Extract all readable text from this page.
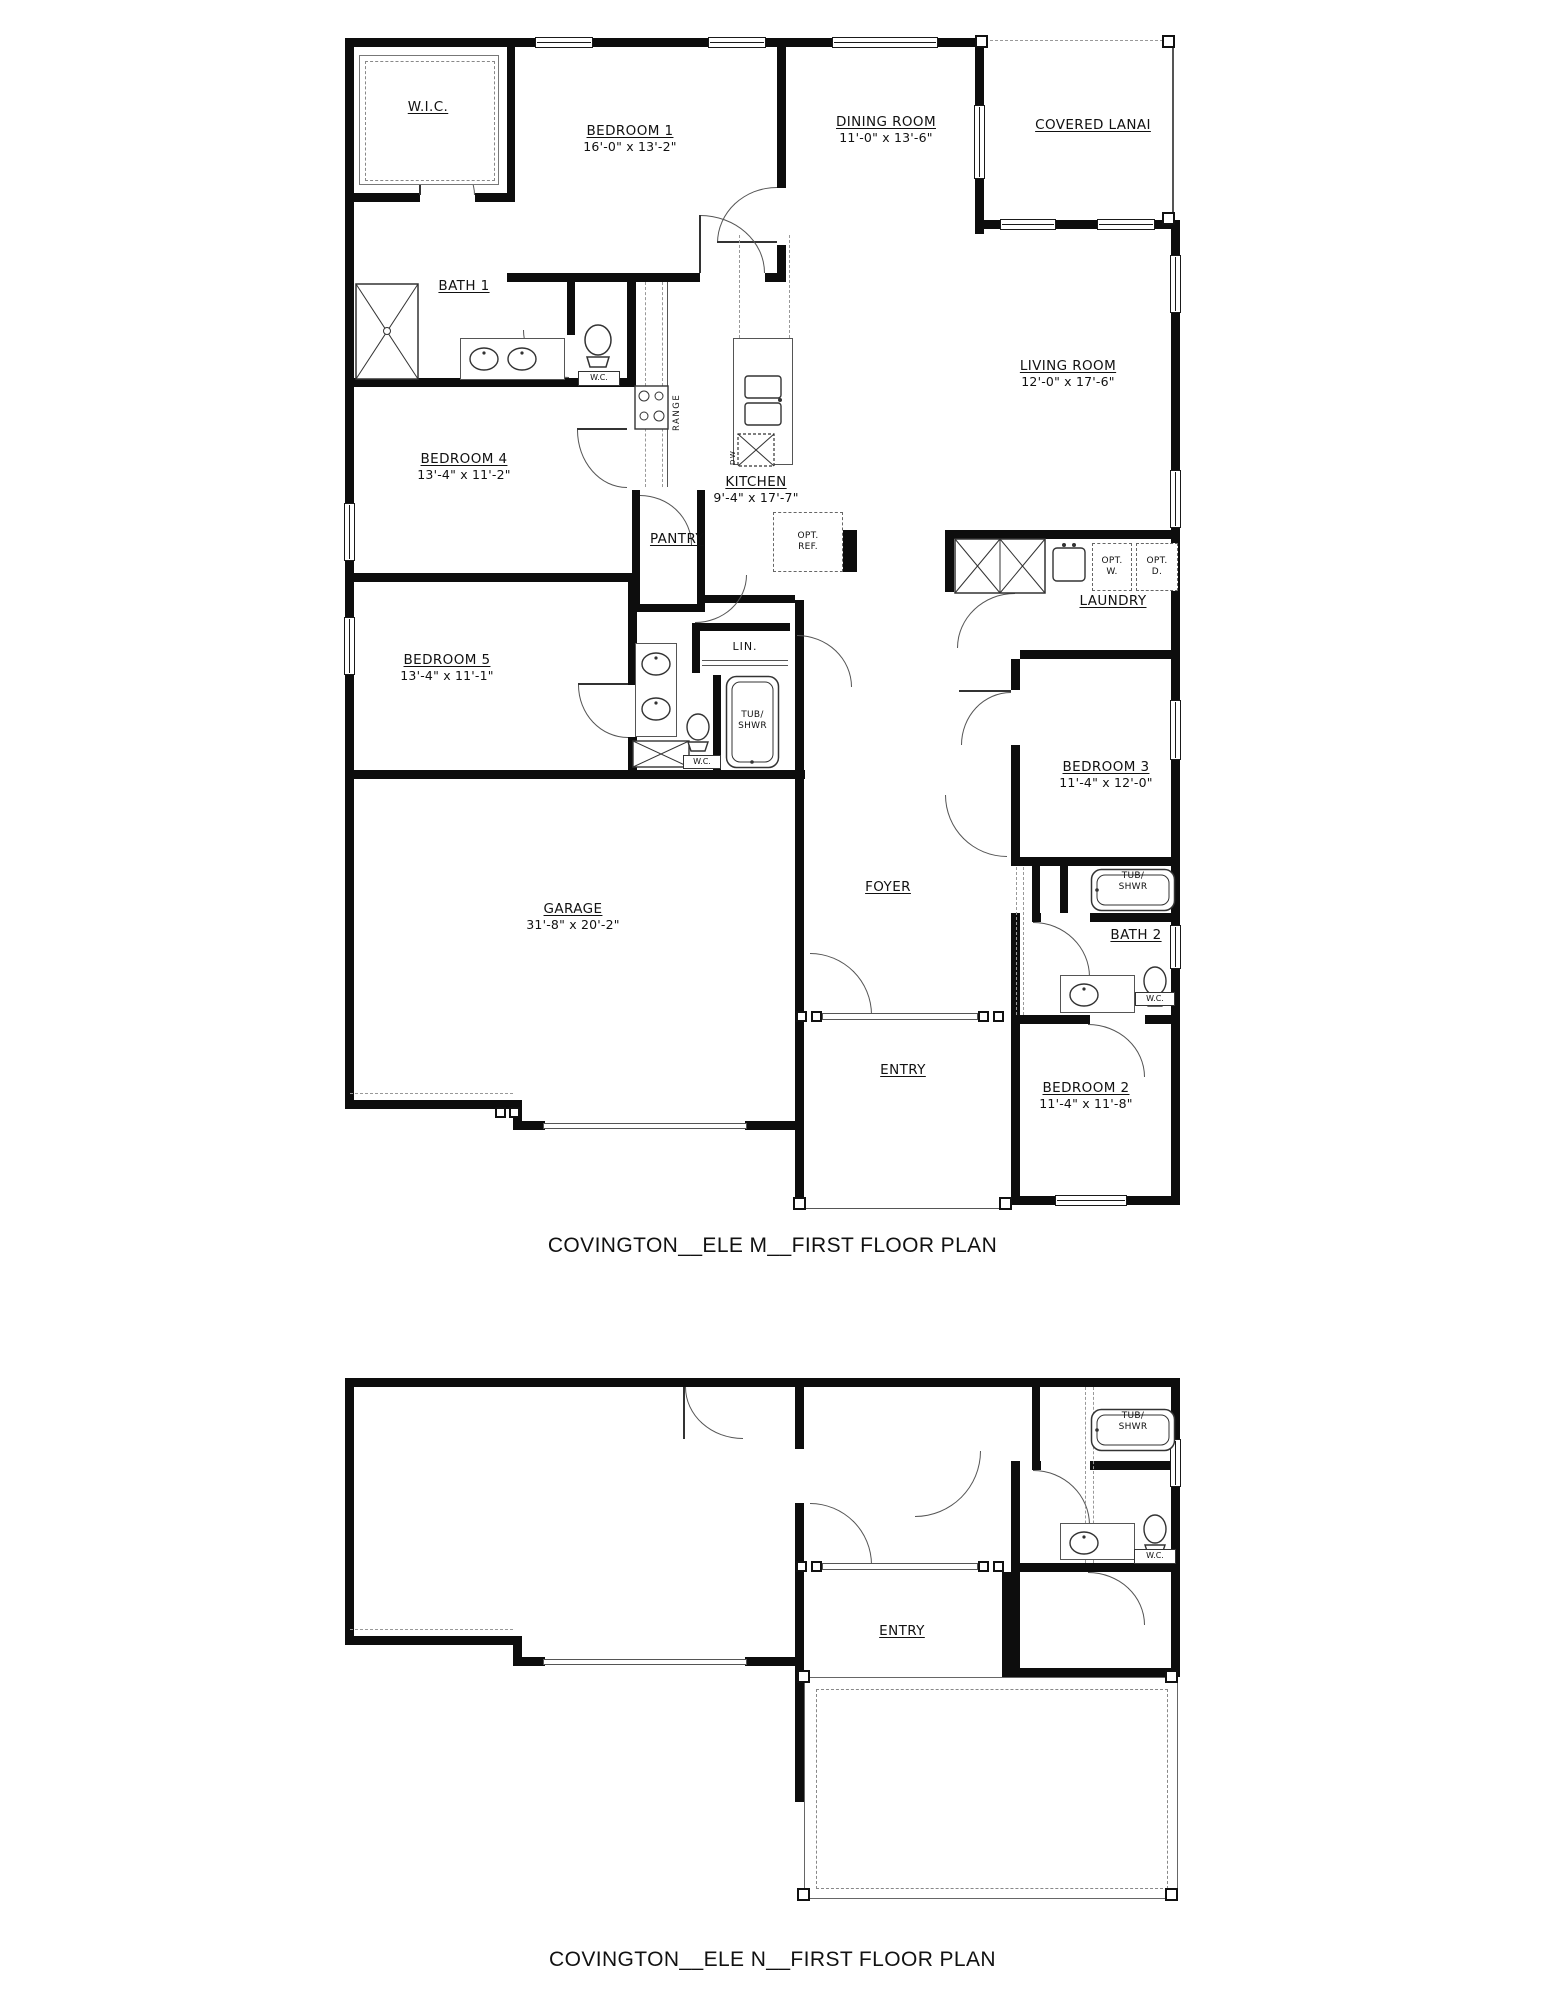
W.C.
RANGE
DW
OPT.
REF.
OPT.
W.
OPT.
D.
W.C.
LIN.
TUB/
SHWR
TUB/
SHWR
W.C.
W.I.C.
BEDROOM 1
16'-0" x 13'-2"
DINING ROOM
11'-0" x 13'-6"
COVERED LANAI
BATH 1
LIVING ROOM
12'-0" x 17'-6"
BEDROOM 4
13'-4" x 11'-2"	KITCHEN
9'-4" x 17'-7"
PANTRY
LAUNDRY
BEDROOM 5
13'-4" x 11'-1"
GARAGE
31'-8" x 20'-2"
FOYER
BEDROOM 3
11'-4" x 12'-0"
BATH 2
ENTRY
BEDROOM 2
11'-4" x 11'-8"
COVINGTON__ELE M__FIRST FLOOR PLAN
TUB/
SHWR
W.C.
ENTRY
COVINGTON__ELE N__FIRST FLOOR PLAN
